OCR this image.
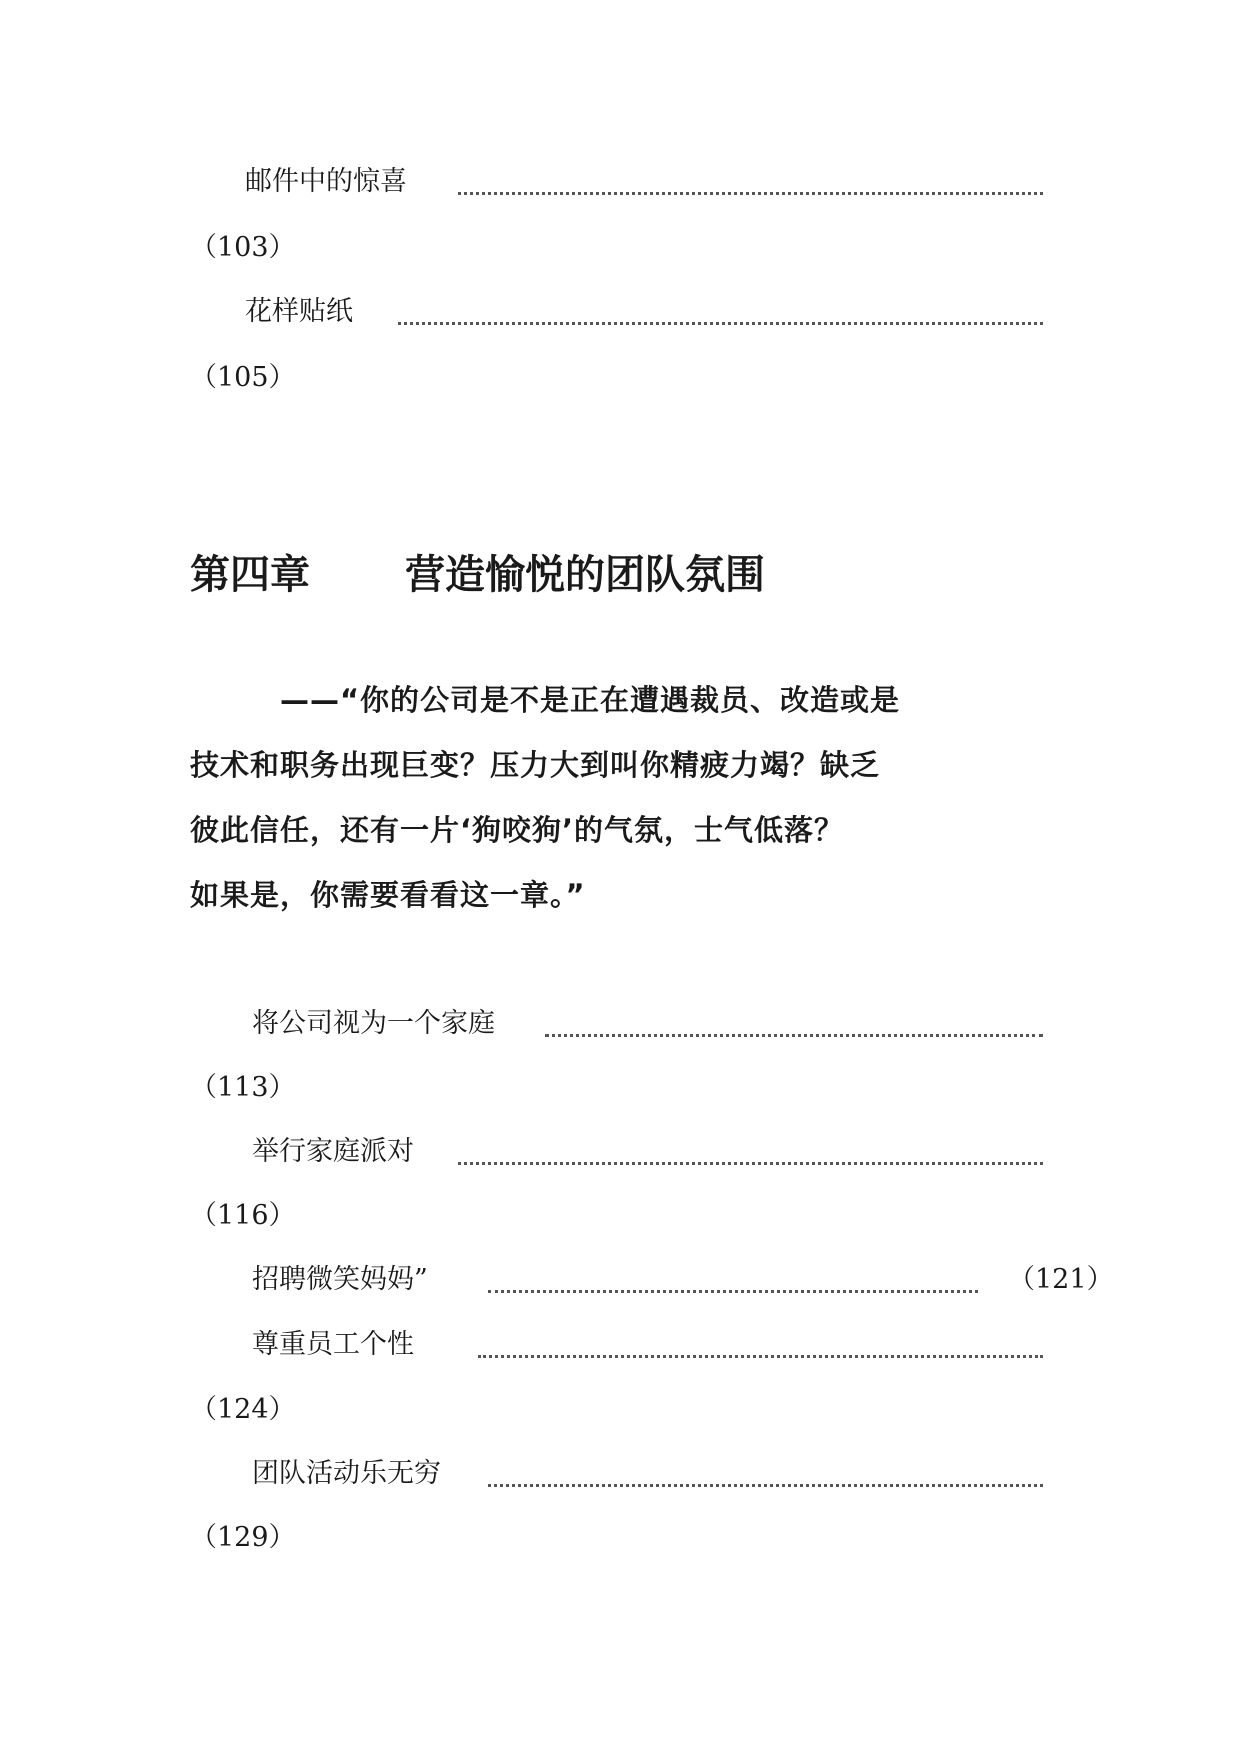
邮件中的惊喜
（103）
花样贴纸
（105）
第四章 营造愉悦的团队氛围
——“你的公司是不是正在遭遇裁员、改造或是
技术和职务出现巨变？压力大到叫你精疲力竭？缺乏
彼此信任，还有一片‘狗咬狗’的气氛，士气低落？
如果是，你需要看看这一章。”
将公司视为一个家庭
（113）
举行家庭派对
（116）
招聘微笑妈妈”	（121）
尊重员工个性
（124）
团队活动乐无穷
（129）
